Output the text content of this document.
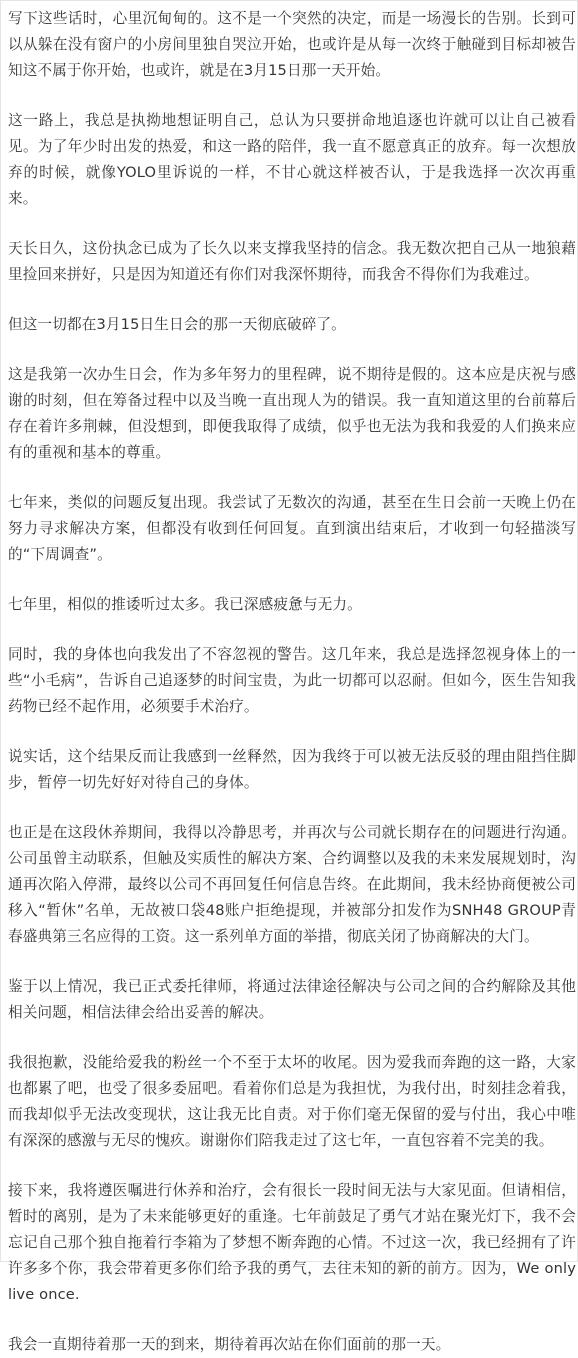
写下这些话时，心里沉甸甸的。这不是一个突然的决定，而是一场漫长的告别。长到可以从躲在没有窗户的小房间里独自哭泣开始，也或许是从每一次终于触碰到目标却被告知这不属于你开始，也或许，就是在3月15日那一天开始。

这一路上，我总是执拗地想证明自己，总认为只要拼命地追逐也许就可以让自己被看见。为了年少时出发的热爱，和这一路的陪伴，我一直不愿意真正的放弃。每一次想放弃的时候，就像YOLO里诉说的一样，不甘心就这样被否认，于是我选择一次次再重来。

天长日久，这份执念已成为了长久以来支撑我坚持的信念。我无数次把自己从一地狼藉里捡回来拼好，只是因为知道还有你们对我深怀期待，而我舍不得你们为我难过。

但这一切都在3月15日生日会的那一天彻底破碎了。

这是我第一次办生日会，作为多年努力的里程碑，说不期待是假的。这本应是庆祝与感谢的时刻，但在筹备过程中以及当晚一直出现人为的错误。我一直知道这里的台前幕后存在着许多荆棘，但没想到，即便我取得了成绩，似乎也无法为我和我爱的人们换来应有的重视和基本的尊重。

七年来，类似的问题反复出现。我尝试了无数次的沟通，甚至在生日会前一天晚上仍在努力寻求解决方案，但都没有收到任何回复。直到演出结束后，才收到一句轻描淡写的“下周调查”。

七年里，相似的推诿听过太多。我已深感疲惫与无力。

同时，我的身体也向我发出了不容忽视的警告。这几年来，我总是选择忽视身体上的一些“小毛病”，告诉自己追逐梦的时间宝贵，为此一切都可以忍耐。但如今，医生告知我药物已经不起作用，必须要手术治疗。

说实话，这个结果反而让我感到一丝释然，因为我终于可以被无法反驳的理由阻挡住脚步，暂停一切先好好对待自己的身体。

也正是在这段休养期间，我得以冷静思考，并再次与公司就长期存在的问题进行沟通。公司虽曾主动联系，但触及实质性的解决方案、合约调整以及我的未来发展规划时，沟通再次陷入停滞，最终以公司不再回复任何信息告终。在此期间，我未经协商便被公司移入“暂休”名单，无故被口袋48账户拒绝提现，并被部分扣发作为SNH48 GROUP青春盛典第三名应得的工资。这一系列单方面的举措，彻底关闭了协商解决的大门。

鉴于以上情况，我已正式委托律师，将通过法律途径解决与公司之间的合约解除及其他相关问题，相信法律会给出妥善的解决。

我很抱歉，没能给爱我的粉丝一个不至于太坏的收尾。因为爱我而奔跑的这一路，大家也都累了吧，也受了很多委屈吧。看着你们总是为我担忧，为我付出，时刻挂念着我，而我却似乎无法改变现状，这让我无比自责。对于你们毫无保留的爱与付出，我心中唯有深深的感激与无尽的愧疚。谢谢你们陪我走过了这七年，一直包容着不完美的我。

接下来，我将遵医嘱进行休养和治疗，会有很长一段时间无法与大家见面。但请相信，暂时的离别，是为了未来能够更好的重逢。七年前鼓足了勇气才站在聚光灯下，我不会忘记自己那个独自拖着行李箱为了梦想不断奔跑的心情。不过这一次，我已经拥有了许许多多个你，我会带着更多你们给予我的勇气，去往未知的新的前方。因为，We only live once.

我会一直期待着那一天的到来，期待着再次站在你们面前的那一天。
